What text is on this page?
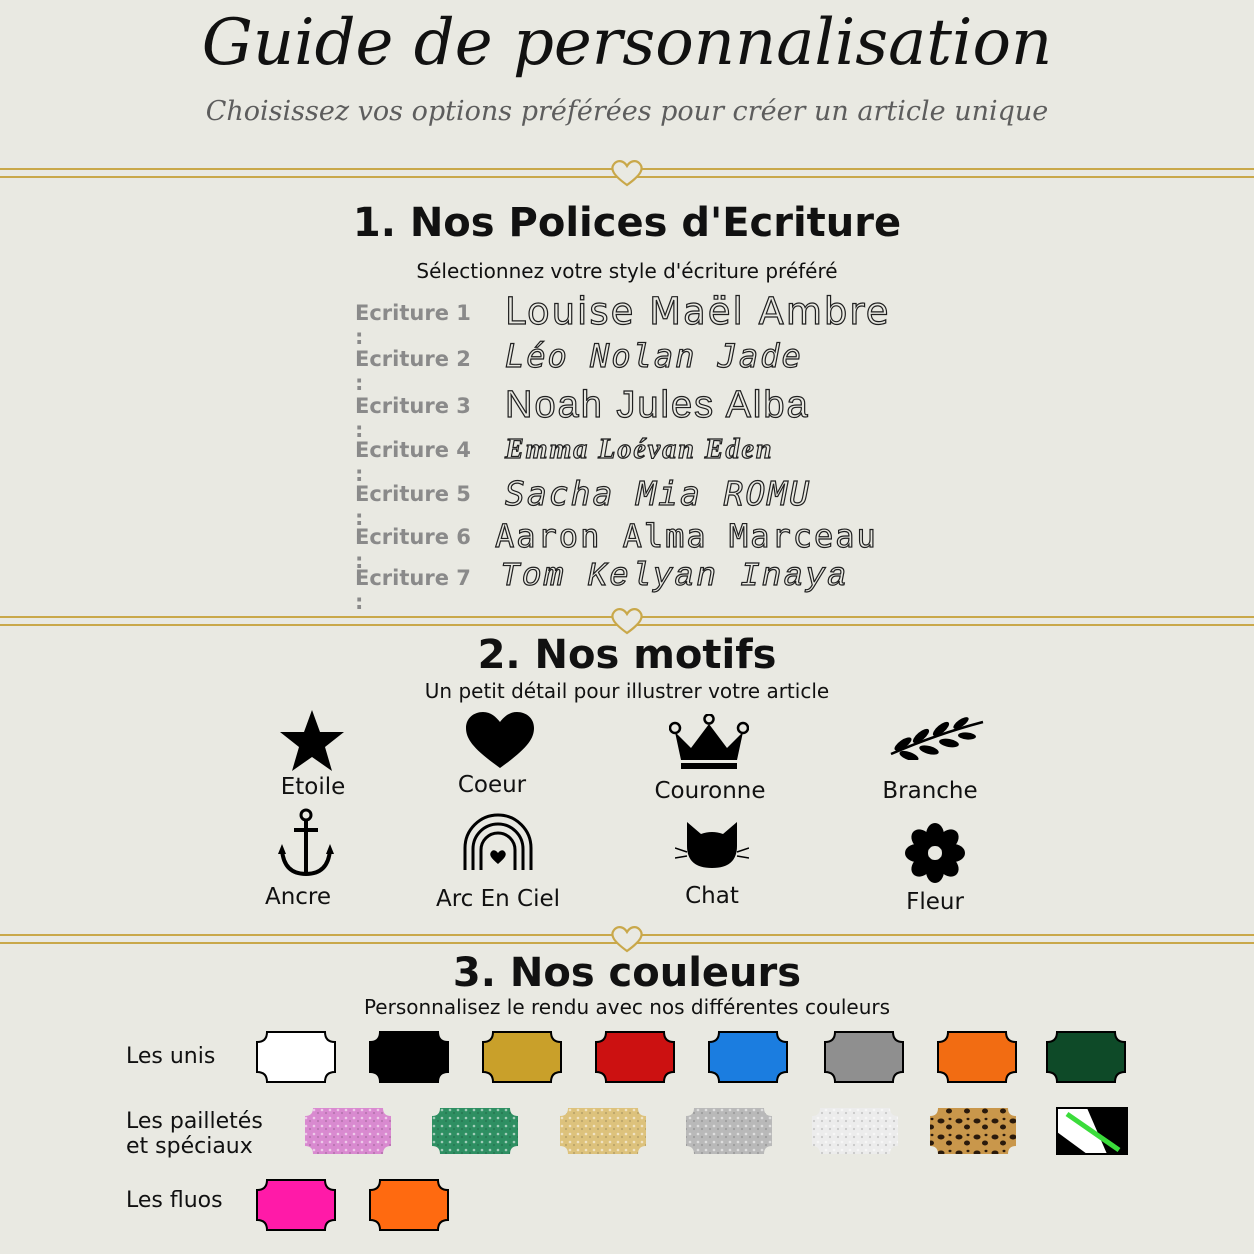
Guide de personnalisation
Choisissez vos options préférées pour créer un article unique
1. Nos Polices d'Ecriture
Sélectionnez votre style d'écriture préféré
Ecriture 1 :
Louise Maël Ambre
Ecriture 2 :
Léo Nolan Jade
Ecriture 3 :
Noah Jules Alba
Ecriture 4 :
Emma Loévan Eden
Ecriture 5 :
Sacha Mia ROMU
Ecriture 6 :
Aaron Alma Marceau
Ecriture 7 :
Tom Kelyan Inaya
2. Nos motifs
Un petit détail pour illustrer votre article
Etoile	Coeur	Couronne	Branche
Ancre	Arc En Ciel	Chat	Fleur
3. Nos couleurs
Personnalisez le rendu avec nos différentes couleurs
Les unis
Les pailletés et spéciaux
Les fluos
